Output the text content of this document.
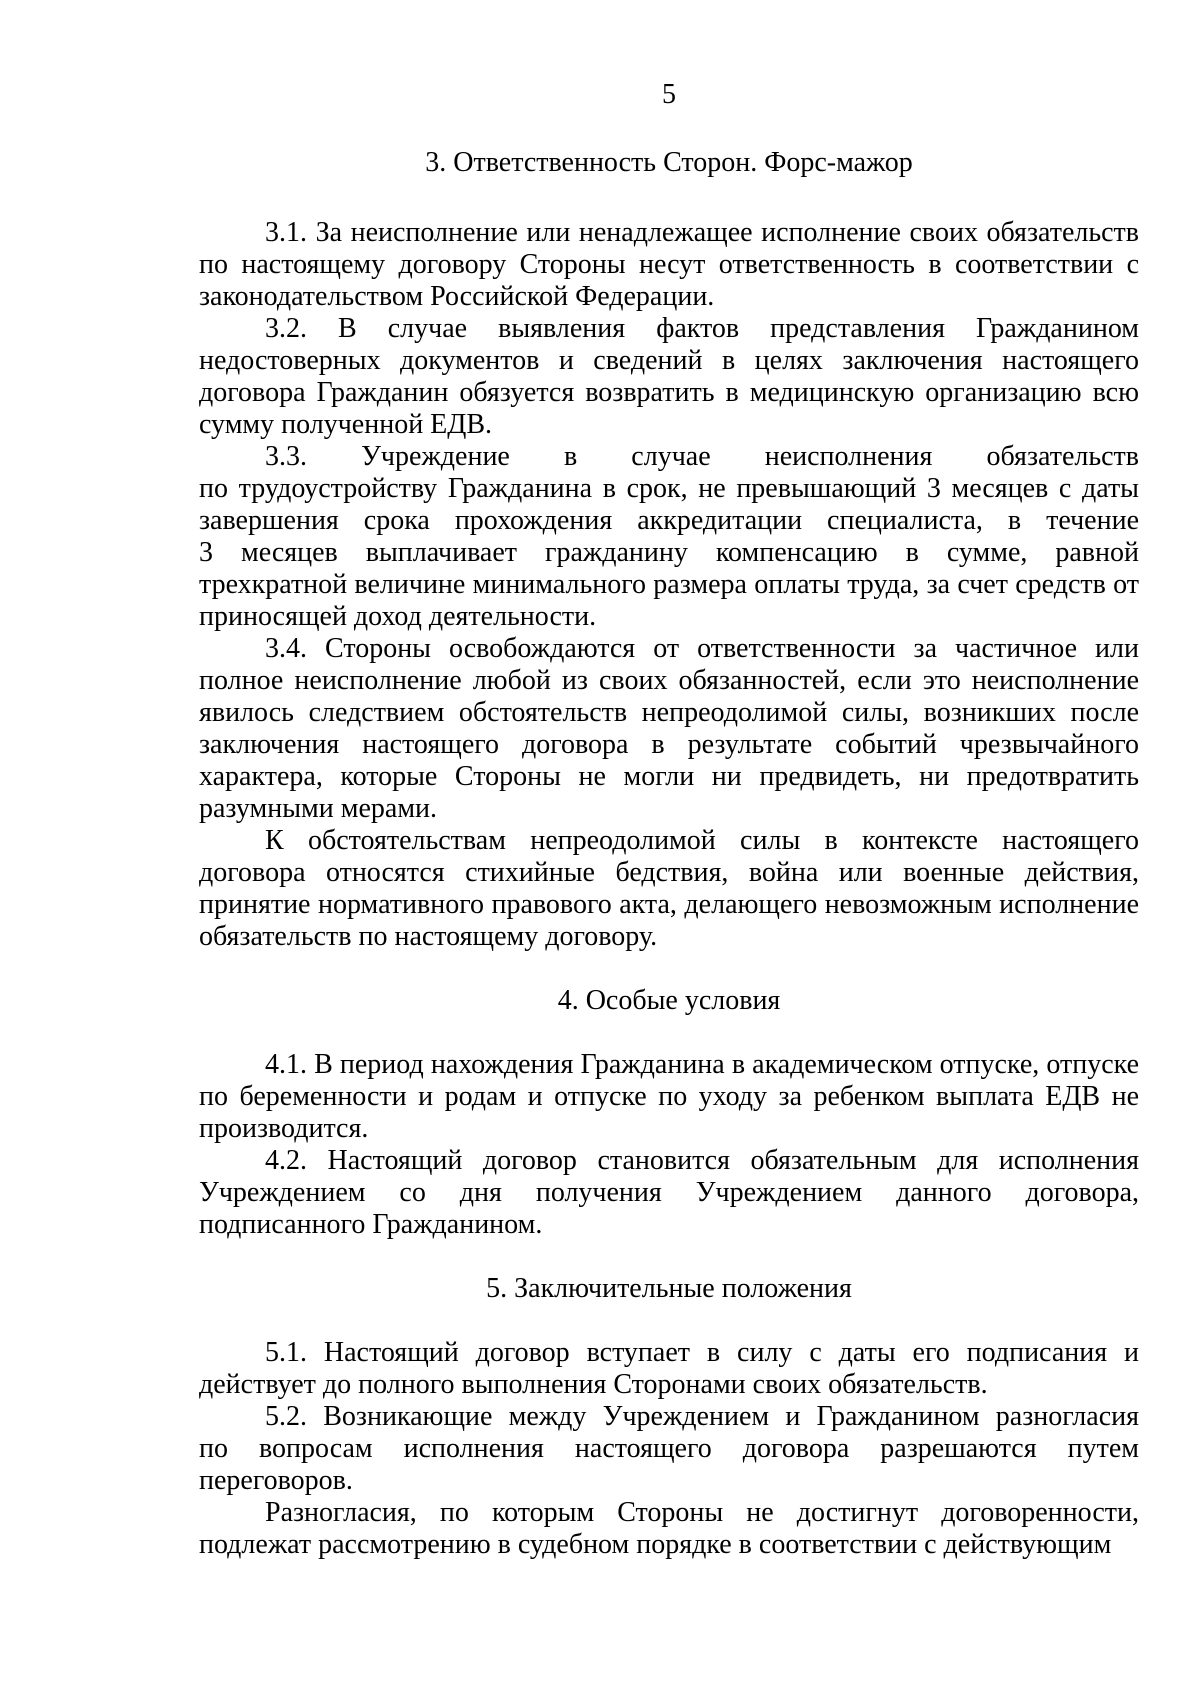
5

3. Ответственность Сторон. Форс-мажор

3.1. За неисполнение или ненадлежащее исполнение своих обязательств по настоящему договору Стороны несут ответственность в соответствии с законодательством Российской Федерации.

3.2. В случае выявления фактов представления Гражданином недостоверных документов и сведений в целях заключения настоящего договора Гражданин обязуется возвратить в медицинскую организацию всю сумму полученной ЕДВ.

3.3. Учреждение в случае неисполнения обязательств по трудоустройству Гражданина в срок, не превышающий 3 месяцев с даты завершения срока прохождения аккредитации специалиста, в течение 3 месяцев выплачивает гражданину компенсацию в сумме, равной трехкратной величине минимального размера оплаты труда, за счет средств от приносящей доход деятельности.

3.4. Стороны освобождаются от ответственности за частичное или полное неисполнение любой из своих обязанностей, если это неисполнение явилось следствием обстоятельств непреодолимой силы, возникших после заключения настоящего договора в результате событий чрезвычайного характера, которые Стороны не могли ни предвидеть, ни предотвратить разумными мерами.

К обстоятельствам непреодолимой силы в контексте настоящего договора относятся стихийные бедствия, война или военные действия, принятие нормативного правового акта, делающего невозможным исполнение обязательств по настоящему договору.

4. Особые условия

4.1. В период нахождения Гражданина в академическом отпуске, отпуске по беременности и родам и отпуске по уходу за ребенком выплата ЕДВ не производится.

4.2. Настоящий договор становится обязательным для исполнения Учреждением со дня получения Учреждением данного договора, подписанного Гражданином.

5. Заключительные положения

5.1. Настоящий договор вступает в силу с даты его подписания и действует до полного выполнения Сторонами своих обязательств.

5.2. Возникающие между Учреждением и Гражданином разногласия по вопросам исполнения настоящего договора разрешаются путем переговоров.

Разногласия, по которым Стороны не достигнут договоренности, подлежат рассмотрению в судебном порядке в соответствии с действующим
